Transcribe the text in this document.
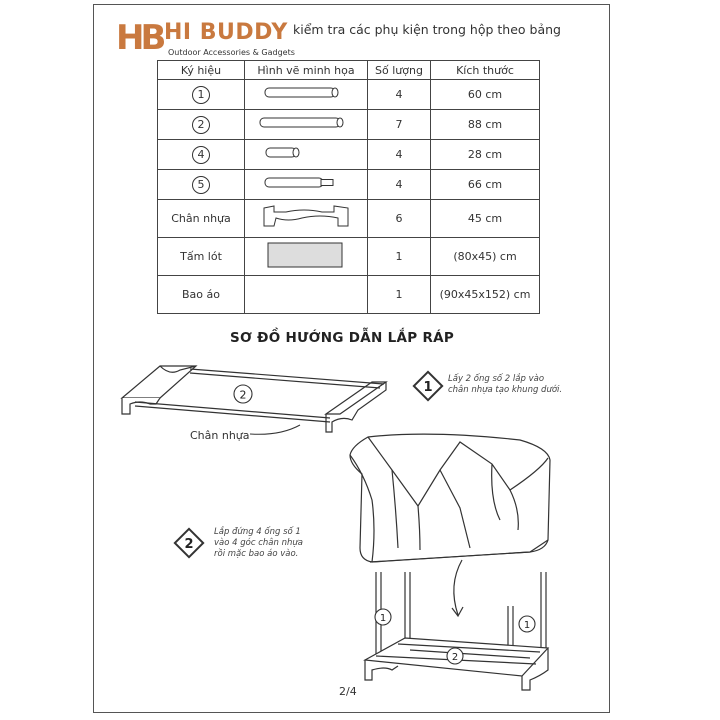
HB HI BUDDY
Outdoor Accessories & Gadgets
kiểm tra các phụ kiện trong hộp theo bảng
Ký hiệu	Hình vẽ minh họa	Số lượng	Kích thước
1		4	60 cm
2		7	88 cm
4		4	28 cm
5		4	66 cm
Chân nhựa		6	45 cm
Tấm lót		1	(80x45) cm
Bao áo		1	(90x45x152) cm
SƠ ĐỒ HƯỚNG DẪN LẮP RÁP
Lấy 2 ống số 2 lắp vào
chân nhựa tạo khung dưới.
Lắp đứng 4 ống số 1
vào 4 góc chân nhựa
rồi mặc bao áo vào.
Chân nhựa
2	1
2
1
1
2
2/4
